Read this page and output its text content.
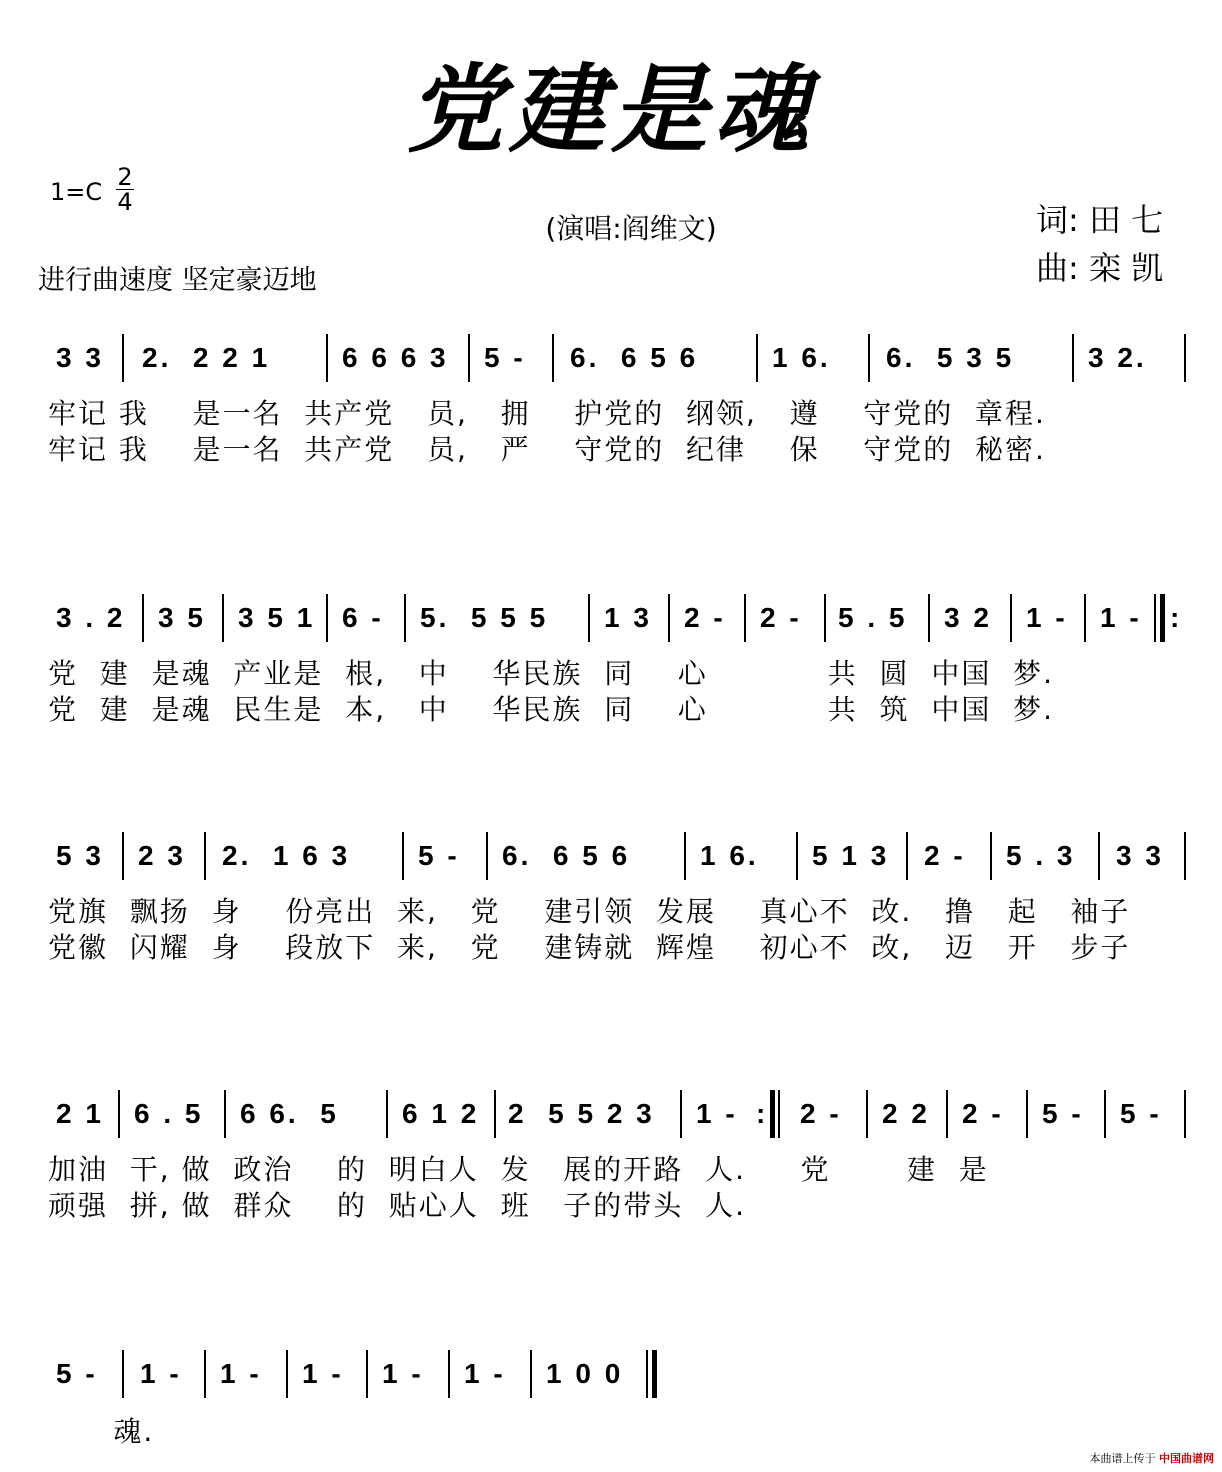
党建是魂
1=C
2
4
进行曲速度 坚定豪迈地
(演唱:阎维文)	词: 田 七
曲: 栾 凯
3 3 2.  2 2 1	6 6 6 3 5 - 6.  6 5 6	1 6. 6.  5 3 5	3 2.
牢记 我    是一名  共产党   员,   拥    护党的  纲领,   遵    守党的  章程.
牢记 我    是一名  共产党   员,   严    守党的  纪律    保    守党的  秘密.
3 . 2 3 5 3 5 1 6 - 5.  5 5 5 1 3 2 - 2 - 5 . 5 3 2 1 - 1 - :
党  建  是魂  产业是  根,   中    华民族  同    心           共  圆  中国  梦.
党  建  是魂  民生是  本,   中    华民族  同    心           共  筑  中国  梦.
5 3 2 3 2.  1 6 3 5 - 6.  6 5 6 1 6. 5 1 3 2 - 5 . 3 3 3
党旗  飘扬  身    份亮出  来,   党    建引领  发展    真心不  改.   撸   起   袖子
党徽  闪耀  身    段放下  来,   党    建铸就  辉煌    初心不  改,   迈   开   步子
2 1 6 . 5 6 6.  5 6 1 2 2  5 5 2 3 1 - : 2 - 2 2 2 - 5 - 5 -
加油  干, 做  政治    的  明白人  发   展的开路  人.     党       建  是
顽强  拼, 做  群众    的  贴心人  班   子的带头  人.
5 - 1 - 1 - 1 - 1 - 1 - 1 0 0
魂.
本曲谱上传于 中国曲谱网
